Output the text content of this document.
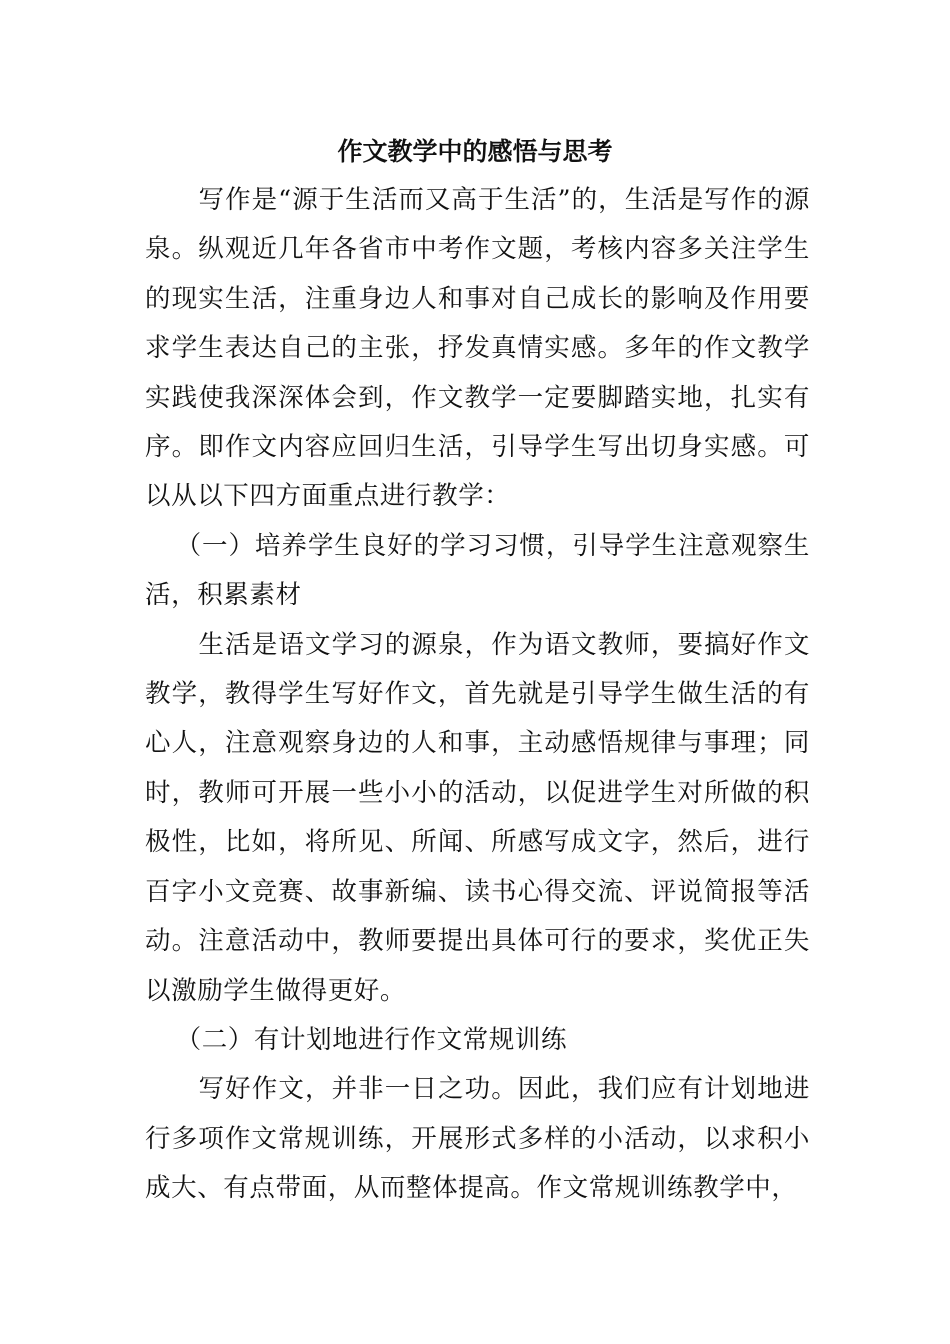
作文教学中的感悟与思考

写作是“源于生活而又高于生活”的，生活是写作的源泉。纵观近几年各省市中考作文题，考核内容多关注学生的现实生活，注重身边人和事对自己成长的影响及作用要求学生表达自己的主张，抒发真情实感。多年的作文教学实践使我深深体会到，作文教学一定要脚踏实地，扎实有序。即作文内容应回归生活，引导学生写出切身实感。可以从以下四方面重点进行教学：

（一）培养学生良好的学习习惯，引导学生注意观察生活，积累素材

生活是语文学习的源泉，作为语文教师，要搞好作文教学，教得学生写好作文，首先就是引导学生做生活的有心人，注意观察身边的人和事，主动感悟规律与事理；同时，教师可开展一些小小的活动，以促进学生对所做的积极性，比如，将所见、所闻、所感写成文字，然后，进行百字小文竞赛、故事新编、读书心得交流、评说简报等活动。注意活动中，教师要提出具体可行的要求，奖优正失以激励学生做得更好。

（二）有计划地进行作文常规训练

写好作文，并非一日之功。因此，我们应有计划地进行多项作文常规训练，开展形式多样的小活动，以求积小成大、有点带面，从而整体提高。作文常规训练教学中，
